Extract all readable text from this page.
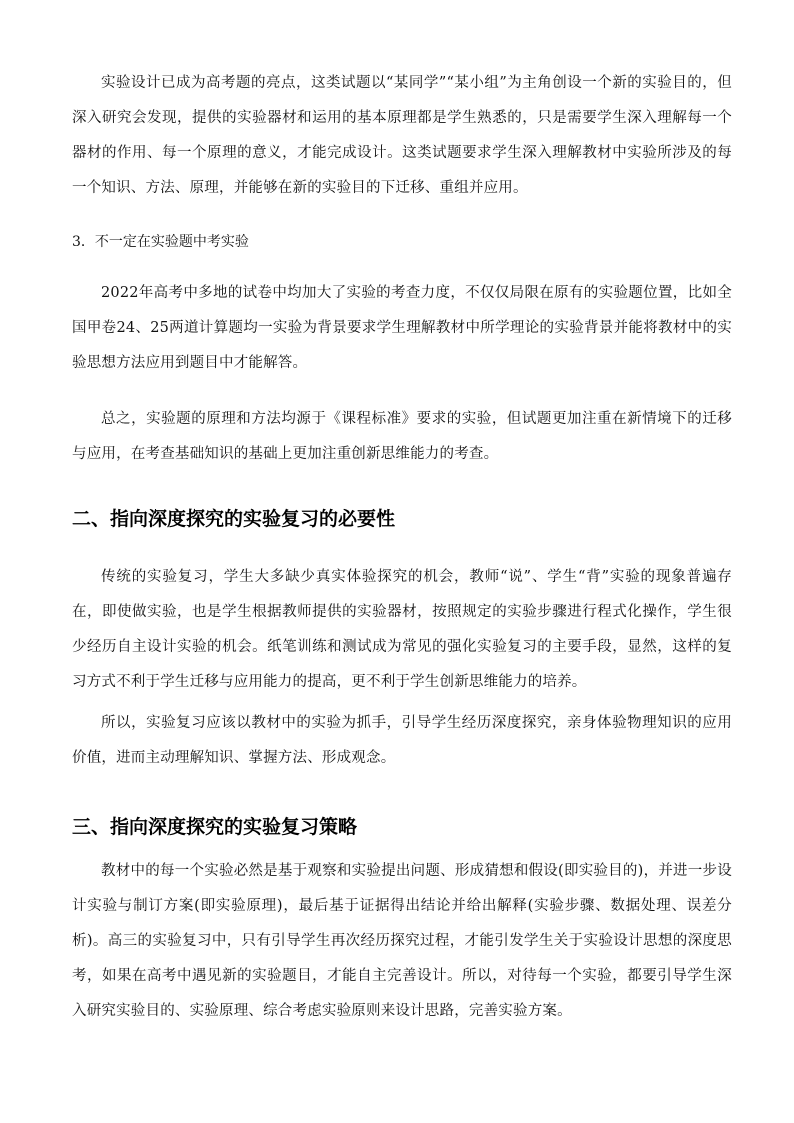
实验设计已成为高考题的亮点，这类试题以“某同学”“某小组”为主角创设一个新的实验目的，但深入研究会发现，提供的实验器材和运用的基本原理都是学生熟悉的，只是需要学生深入理解每一个器材的作用、每一个原理的意义，才能完成设计。这类试题要求学生深入理解教材中实验所涉及的每一个知识、方法、原理，并能够在新的实验目的下迁移、重组并应用。

3．不一定在实验题中考实验

2022年高考中多地的试卷中均加大了实验的考查力度，不仅仅局限在原有的实验题位置，比如全国甲卷24、25两道计算题均一实验为背景要求学生理解教材中所学理论的实验背景并能将教材中的实验思想方法应用到题目中才能解答。

总之，实验题的原理和方法均源于《课程标准》要求的实验，但试题更加注重在新情境下的迁移与应用，在考查基础知识的基础上更加注重创新思维能力的考查。

二、指向深度探究的实验复习的必要性

传统的实验复习，学生大多缺少真实体验探究的机会，教师“说”、学生“背”实验的现象普遍存在，即使做实验，也是学生根据教师提供的实验器材，按照规定的实验步骤进行程式化操作，学生很少经历自主设计实验的机会。纸笔训练和测试成为常见的强化实验复习的主要手段，显然，这样的复习方式不利于学生迁移与应用能力的提高，更不利于学生创新思维能力的培养。

所以，实验复习应该以教材中的实验为抓手，引导学生经历深度探究，亲身体验物理知识的应用价值，进而主动理解知识、掌握方法、形成观念。

三、指向深度探究的实验复习策略

教材中的每一个实验必然是基于观察和实验提出问题、形成猜想和假设(即实验目的)，并进一步设计实验与制订方案(即实验原理)，最后基于证据得出结论并给出解释(实验步骤、数据处理、误差分析)。高三的实验复习中，只有引导学生再次经历探究过程，才能引发学生关于实验设计思想的深度思考，如果在高考中遇见新的实验题目，才能自主完善设计。所以，对待每一个实验，都要引导学生深入研究实验目的、实验原理、综合考虑实验原则来设计思路，完善实验方案。
